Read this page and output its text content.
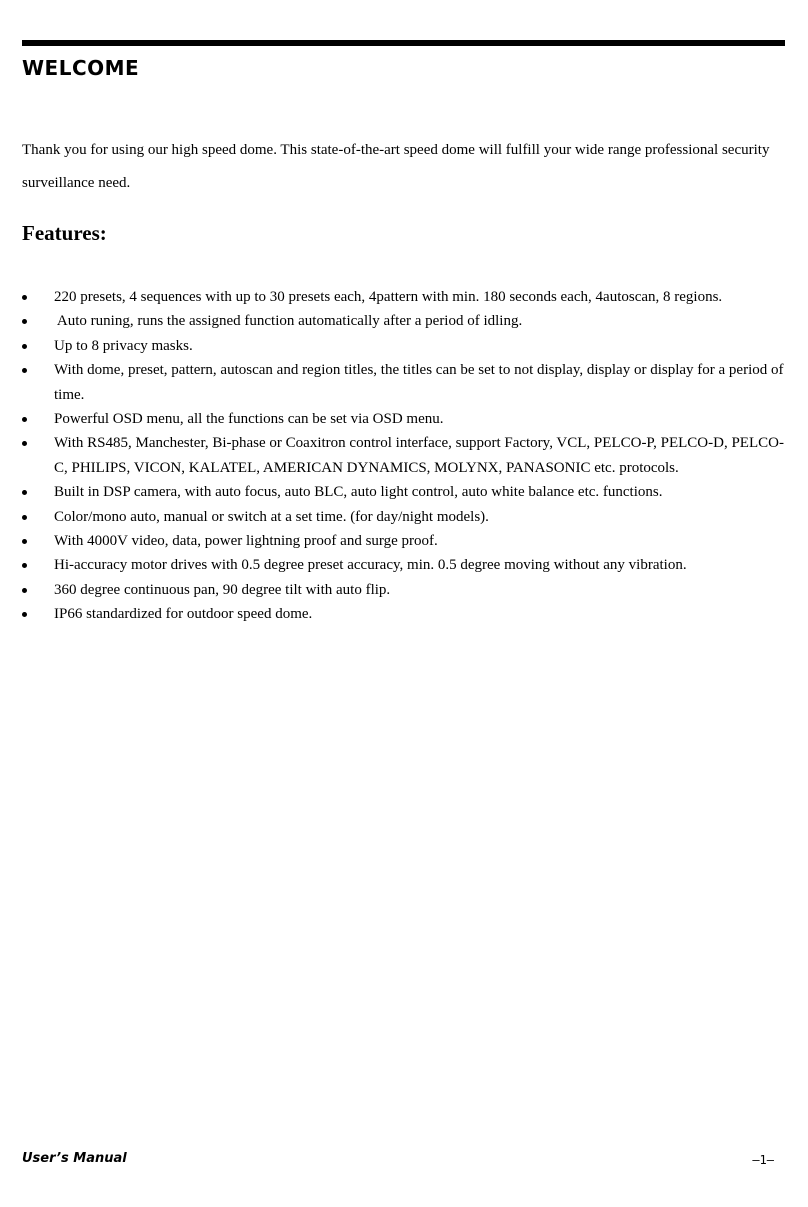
WELCOME

Thank you for using our high speed dome. This state-of-the-art speed dome will fulfill your wide range professional security surveillance need.

Features:
220 presets, 4 sequences with up to 30 presets each, 4pattern with min. 180 seconds each, 4autoscan, 8 regions.
Auto runing, runs the assigned function automatically after a period of idling.
Up to 8 privacy masks.
With dome, preset, pattern, autoscan and region titles, the titles can be set to not display, display or display for a period of time.
Powerful OSD menu, all the functions can be set via OSD menu.
With RS485, Manchester, Bi-phase or Coaxitron control interface, support Factory, VCL, PELCO-P, PELCO-D, PELCO-C, PHILIPS, VICON, KALATEL, AMERICAN DYNAMICS, MOLYNX, PANASONIC etc. protocols.
Built in DSP camera, with auto focus, auto BLC, auto light control, auto white balance etc. functions.
Color/mono auto, manual or switch at a set time. (for day/night models).
With 4000V video, data, power lightning proof and surge proof.
Hi-accuracy motor drives with 0.5 degree preset accuracy, min. 0.5 degree moving without any vibration.
360 degree continuous pan, 90 degree tilt with auto flip.
IP66 standardized for outdoor speed dome.
User’s Manual	–1–
